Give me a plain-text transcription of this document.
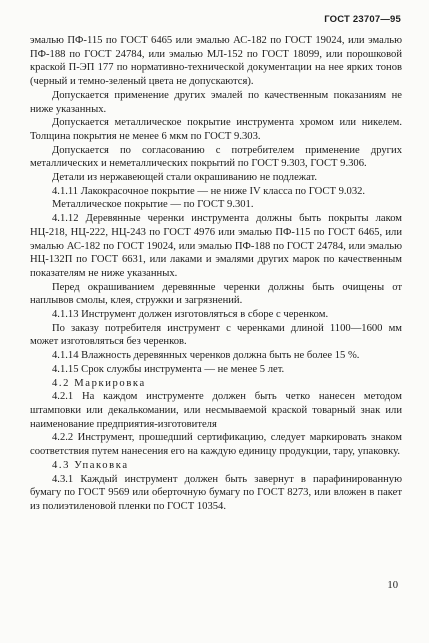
ГОСТ 23707—95

эмалью ПФ-115 по ГОСТ 6465 или эмалью АС-182 по ГОСТ 19024, или эмалью ПФ-188 по ГОСТ 24784, или эмалью МЛ-152 по ГОСТ 18099, или порошковой краской П-ЭП 177 по нормативно-технической документации на нее ярких тонов (черный и темно-зеленый цвета не допускаются).

Допускается применение других эмалей по качественным показаниям не ниже указанных.

Допускается металлическое покрытие инструмента хромом или никелем. Толщина покрытия не менее 6 мкм по ГОСТ 9.303.

Допускается по согласованию с потребителем применение других металлических и неметаллических покрытий по ГОСТ 9.303, ГОСТ 9.306.

Детали из нержавеющей стали окрашиванию не подлежат.

4.1.11 Лакокрасочное покрытие — не ниже IV класса по ГОСТ 9.032.

Металлическое покрытие — по ГОСТ 9.301.

4.1.12 Деревянные черенки инструмента должны быть покрыты лаком НЦ-218, НЦ-222, НЦ-243 по ГОСТ 4976 или эмалью ПФ-115 по ГОСТ 6465, или эмалью АС-182 по ГОСТ 19024, или эмалью ПФ-188 по ГОСТ 24784, или эмалью НЦ-132П по ГОСТ 6631, или лаками и эмалями других марок по качественным показателям не ниже указанных.

Перед окрашиванием деревянные черенки должны быть очищены от наплывов смолы, клея, стружки и загрязнений.

4.1.13 Инструмент должен изготовляться в сборе с черенком.

По заказу потребителя инструмент с черенками длиной 1100—1600 мм может изготовляться без черенков.

4.1.14 Влажность деревянных черенков должна быть не более 15 %.

4.1.15 Срок службы инструмента — не менее 5 лет.

4.2 Маркировка

4.2.1 На каждом инструменте должен быть четко нанесен методом штамповки или декалькомании, или несмываемой краской товарный знак или наименование предприятия-изготовителя

4.2.2 Инструмент, прошедший сертификацию, следует маркировать знаком соответствия путем нанесения его на каждую единицу продукции, тару, упаковку.

4.3 Упаковка

4.3.1 Каждый инструмент должен быть завернут в парафинированную бумагу по ГОСТ 9569 или оберточную бумагу по ГОСТ 8273, или вложен в пакет из полиэтиленовой пленки по ГОСТ 10354.

10
